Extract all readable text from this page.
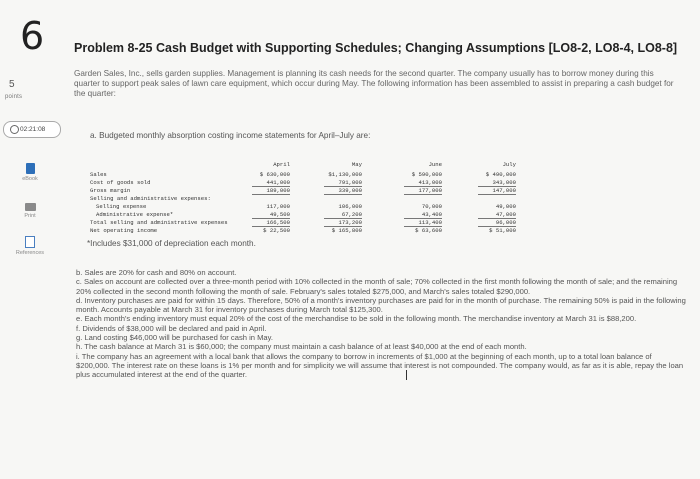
6 Problem 8-25 Cash Budget with Supporting Schedules; Changing Assumptions [LO8-2, LO8-4, LO8-8]
5
points
Garden Sales, Inc., sells garden supplies. Management is planning its cash needs for the second quarter. The company usually has to borrow money during this quarter to support peak sales of lawn care equipment, which occur during May. The following information has been assembled to assist in preparing a cash budget for the quarter:
02:21:08
a. Budgeted monthly absorption costing income statements for April–July are:
eBook
Print
References
April	May	June	July
Sales	$ 630,000	$1,130,000	$ 590,000	$ 490,000
Cost of goods sold	441,000	791,000	413,000	343,000
Gross margin	189,000	339,000	177,000	147,000
Selling and administrative expenses:
Selling expense	117,000	106,000	70,000	49,000
Administrative expense*	49,500	67,200	43,400	47,000
Total selling and administrative expenses	166,500	173,200	113,400	96,000
Net operating income	$ 22,500	$ 165,800	$ 63,600	$ 51,000
*Includes $31,000 of depreciation each month.

b. Sales are 20% for cash and 80% on account.

c. Sales on account are collected over a three-month period with 10% collected in the month of sale; 70% collected in the first month following the month of sale; and the remaining 20% collected in the second month following the month of sale. February's sales totaled $275,000, and March's sales totaled $290,000.

d. Inventory purchases are paid for within 15 days. Therefore, 50% of a month's inventory purchases are paid for in the month of purchase. The remaining 50% is paid in the following month. Accounts payable at March 31 for inventory purchases during March total $125,300.

e. Each month's ending inventory must equal 20% of the cost of the merchandise to be sold in the following month. The merchandise inventory at March 31 is $88,200.

f. Dividends of $38,000 will be declared and paid in April.

g. Land costing $46,000 will be purchased for cash in May.

h. The cash balance at March 31 is $60,000; the company must maintain a cash balance of at least $40,000 at the end of each month.

i. The company has an agreement with a local bank that allows the company to borrow in increments of $1,000 at the beginning of each month, up to a total loan balance of $200,000. The interest rate on these loans is 1% per month and for simplicity we will assume that interest is not compounded. The company would, as far as it is able, repay the loan plus accumulated interest at the end of the quarter.
